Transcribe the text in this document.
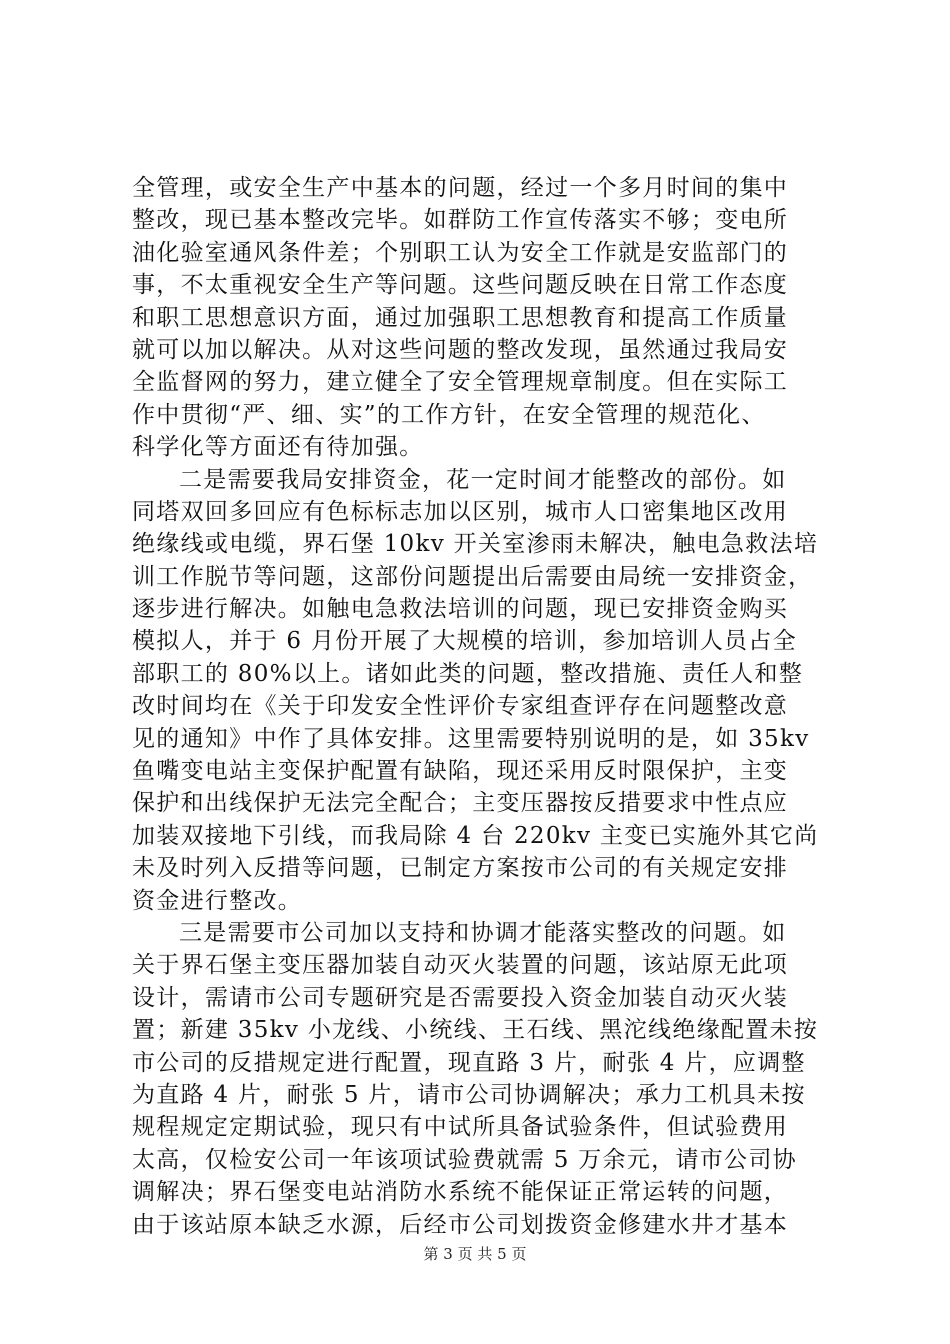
全管理，或安全生产中基本的问题，经过一个多月时间的集中
整改，现已基本整改完毕。如群防工作宣传落实不够；变电所
油化验室通风条件差；个别职工认为安全工作就是安监部门的
事，不太重视安全生产等问题。这些问题反映在日常工作态度
和职工思想意识方面，通过加强职工思想教育和提高工作质量
就可以加以解决。从对这些问题的整改发现，虽然通过我局安
全监督网的努力，建立健全了安全管理规章制度。但在实际工
作中贯彻“严、细、实”的工作方针，在安全管理的规范化、
科学化等方面还有待加强。
二是需要我局安排资金，花一定时间才能整改的部份。如
同塔双回多回应有色标标志加以区别，城市人口密集地区改用
绝缘线或电缆，界石堡 10kv 开关室渗雨未解决，触电急救法培
训工作脱节等问题，这部份问题提出后需要由局统一安排资金，
逐步进行解决。如触电急救法培训的问题，现已安排资金购买
模拟人，并于 6 月份开展了大规模的培训，参加培训人员占全
部职工的 80%以上。诸如此类的问题，整改措施、责任人和整
改时间均在《关于印发安全性评价专家组查评存在问题整改意
见的通知》中作了具体安排。这里需要特别说明的是，如 35kv
鱼嘴变电站主变保护配置有缺陷，现还采用反时限保护，主变
保护和出线保护无法完全配合；主变压器按反措要求中性点应
加装双接地下引线，而我局除 4 台 220kv 主变已实施外其它尚
未及时列入反措等问题，已制定方案按市公司的有关规定安排
资金进行整改。
三是需要市公司加以支持和协调才能落实整改的问题。如
关于界石堡主变压器加装自动灭火装置的问题，该站原无此项
设计，需请市公司专题研究是否需要投入资金加装自动灭火装
置；新建 35kv 小龙线、小统线、王石线、黑沱线绝缘配置未按
市公司的反措规定进行配置，现直路 3 片，耐张 4 片，应调整
为直路 4 片，耐张 5 片，请市公司协调解决；承力工机具未按
规程规定定期试验，现只有中试所具备试验条件，但试验费用
太高，仅检安公司一年该项试验费就需 5 万余元，请市公司协
调解决；界石堡变电站消防水系统不能保证正常运转的问题，
由于该站原本缺乏水源，后经市公司划拨资金修建水井才基本
第 3 页 共 5 页
